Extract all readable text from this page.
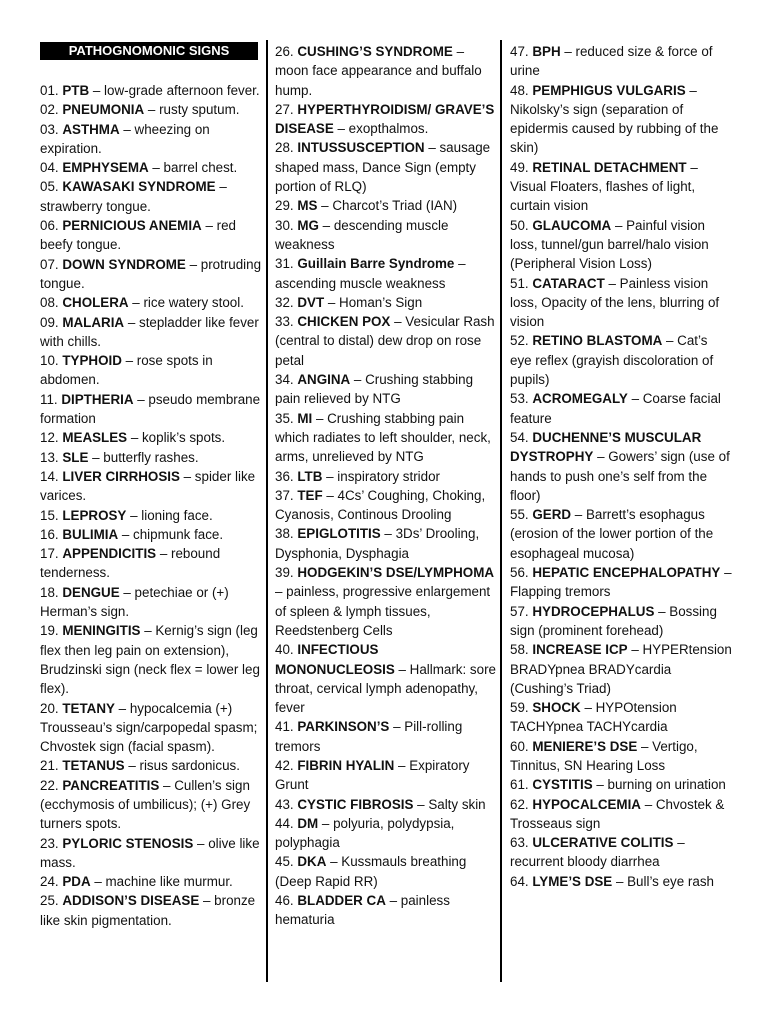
PATHOGNOMONIC SIGNS
01. PTB – low-grade afternoon fever.
02. PNEUMONIA – rusty sputum.
03. ASTHMA – wheezing on expiration.
04. EMPHYSEMA – barrel chest.
05. KAWASAKI SYNDROME – strawberry tongue.
06. PERNICIOUS ANEMIA – red beefy tongue.
07. DOWN SYNDROME – protruding tongue.
08. CHOLERA – rice watery stool.
09. MALARIA – stepladder like fever with chills.
10. TYPHOID – rose spots in abdomen.
11. DIPTHERIA – pseudo membrane formation
12. MEASLES – koplik’s spots.
13. SLE – butterfly rashes.
14. LIVER CIRRHOSIS – spider like varices.
15. LEPROSY – lioning face.
16. BULIMIA – chipmunk face.
17. APPENDICITIS – rebound tenderness.
18. DENGUE – petechiae or (+) Herman’s sign.
19. MENINGITIS – Kernig’s sign (leg flex then leg pain on extension), Brudzinski sign (neck flex = lower leg flex).
20. TETANY – hypocalcemia (+) Trousseau’s sign/carpopedal spasm; Chvostek sign (facial spasm).
21. TETANUS – risus sardonicus.
22. PANCREATITIS – Cullen’s sign (ecchymosis of umbilicus); (+) Grey turners spots.
23. PYLORIC STENOSIS – olive like mass.
24. PDA – machine like murmur.
25. ADDISON’S DISEASE – bronze like skin pigmentation.
26. CUSHING’S SYNDROME – moon face appearance and buffalo hump.
27. HYPERTHYROIDISM/ GRAVE’S DISEASE – exopthalmos.
28. INTUSSUSCEPTION – sausage shaped mass, Dance Sign (empty portion of RLQ)
29. MS – Charcot’s Triad (IAN)
30. MG – descending muscle weakness
31. Guillain Barre Syndrome – ascending muscle weakness
32. DVT – Homan’s Sign
33. CHICKEN POX – Vesicular Rash (central to distal) dew drop on rose petal
34. ANGINA – Crushing stabbing pain relieved by NTG
35. MI – Crushing stabbing pain which radiates to left shoulder, neck, arms, unrelieved by NTG
36. LTB – inspiratory stridor
37. TEF – 4Cs’ Coughing, Choking, Cyanosis, Continous Drooling
38. EPIGLOTITIS – 3Ds’ Drooling, Dysphonia, Dysphagia
39. HODGEKIN’S DSE/LYMPHOMA – painless, progressive enlargement of spleen & lymph tissues, Reedstenberg Cells
40. INFECTIOUS MONONUCLEOSIS – Hallmark: sore throat, cervical lymph adenopathy, fever
41. PARKINSON’S – Pill-rolling tremors
42. FIBRIN HYALIN – Expiratory Grunt
43. CYSTIC FIBROSIS – Salty skin
44. DM – polyuria, polydypsia, polyphagia
45. DKA – Kussmauls breathing (Deep Rapid RR)
46. BLADDER CA – painless hematuria
47. BPH – reduced size & force of urine
48. PEMPHIGUS VULGARIS – Nikolsky’s sign (separation of epidermis caused by rubbing of the skin)
49. RETINAL DETACHMENT – Visual Floaters, flashes of light, curtain vision
50. GLAUCOMA – Painful vision loss, tunnel/gun barrel/halo vision (Peripheral Vision Loss)
51. CATARACT – Painless vision loss, Opacity of the lens, blurring of vision
52. RETINO BLASTOMA – Cat’s eye reflex (grayish discoloration of pupils)
53. ACROMEGALY – Coarse facial feature
54. DUCHENNE’S MUSCULAR DYSTROPHY – Gowers’ sign (use of hands to push one’s self from the floor)
55. GERD – Barrett’s esophagus (erosion of the lower portion of the esophageal mucosa)
56. HEPATIC ENCEPHALOPATHY – Flapping tremors
57. HYDROCEPHALUS – Bossing sign (prominent forehead)
58. INCREASE ICP – HYPERtension BRADYpnea BRADYcardia (Cushing’s Triad)
59. SHOCK – HYPOtension TACHYpnea TACHYcardia
60. MENIERE’S DSE – Vertigo, Tinnitus, SN Hearing Loss
61. CYSTITIS – burning on urination
62. HYPOCALCEMIA – Chvostek & Trosseaus sign
63. ULCERATIVE COLITIS – recurrent bloody diarrhea
64. LYME’S DSE – Bull’s eye rash
